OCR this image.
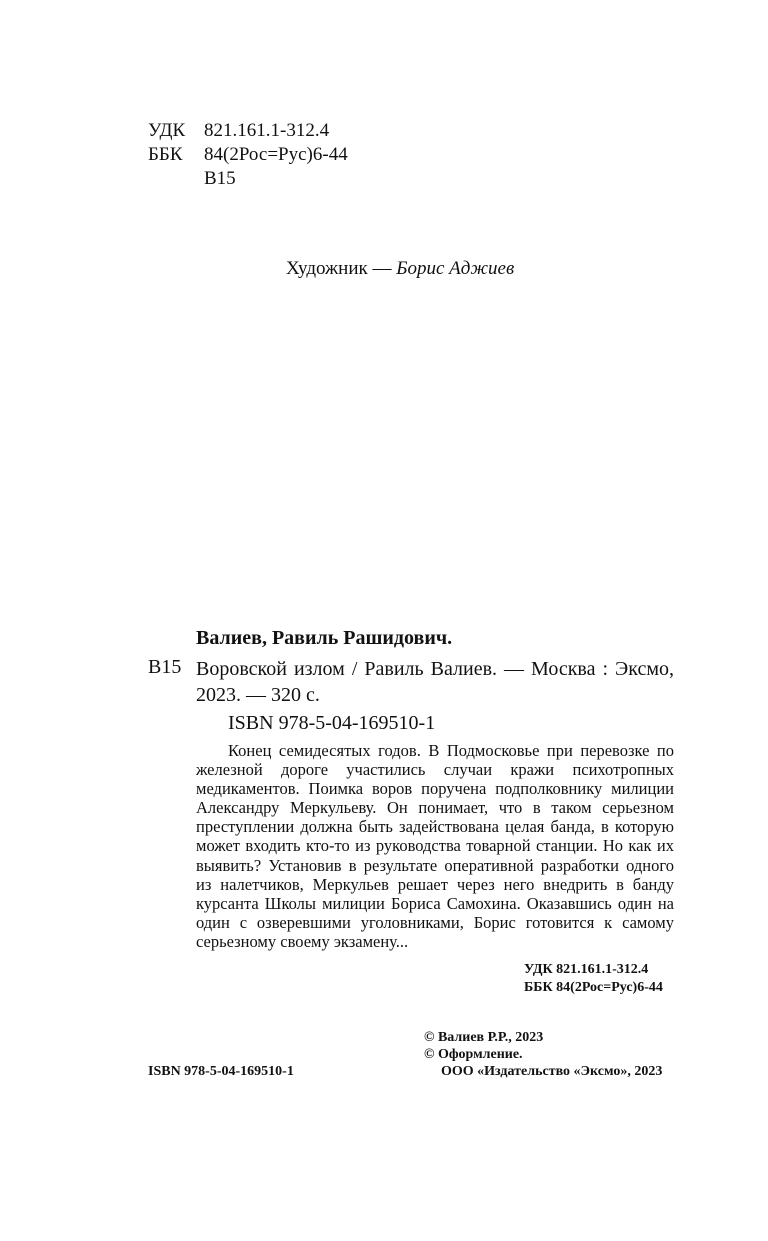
УДК 821.161.1-312.4
ББК 84(2Рос=Рус)6-44
В15
Художник — Борис Аджиев
Валиев, Равиль Рашидович.
В15 Воровской излом / Равиль Валиев. — Москва : Эксмо, 2023. — 320 с.
ISBN 978-5-04-169510-1
Конец семидесятых годов. В Подмосковье при перевозке по железной дороге участились случаи кражи психотропных медикаментов. Поимка воров поручена подполковнику милиции Александру Меркульеву. Он понимает, что в таком серьезном преступлении должна быть задействована целая банда, в которую может входить кто-то из руководства товарной станции. Но как их выявить? Установив в результате оперативной разработки одного из налетчиков, Меркульев решает через него внедрить в банду курсанта Школы милиции Бориса Самохина. Оказавшись один на один с озверевшими уголовниками, Борис готовится к самому серьезному своему экзамену...
УДК 821.161.1-312.4
ББК 84(2Рос=Рус)6-44
© Валиев Р.Р., 2023
© Оформление.
ООО «Издательство «Эксмо», 2023
ISBN 978-5-04-169510-1
